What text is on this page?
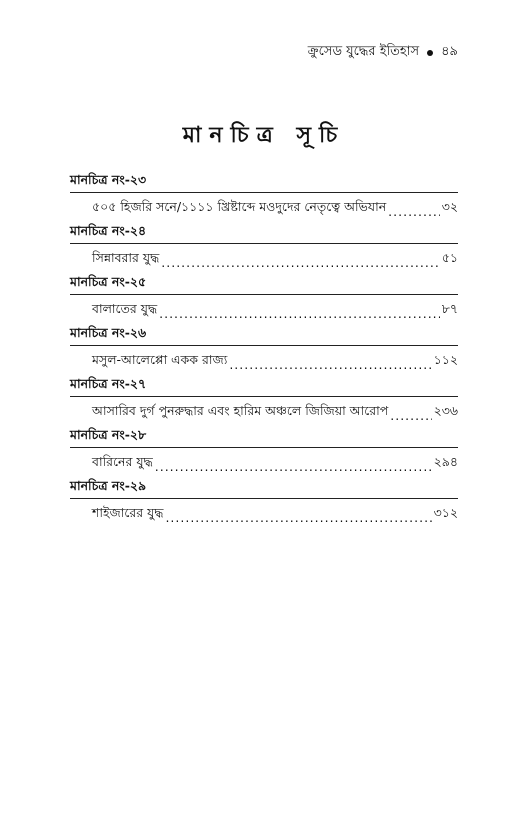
ক্রুসেড যুদ্ধের ইতিহাস ৪৯
মানচিত্র সূচি
মানচিত্র নং-২৩
৫০৫ হিজরি সনে/১১১১ খ্রিষ্টাব্দে মওদুদের নেতৃত্বে অভিযান .....	৩২
মানচিত্র নং-২৪
সিন্নাবরার যুদ্ধ .....	৫১
মানচিত্র নং-২৫
বালাতের যুদ্ধ .....	৮৭
মানচিত্র নং-২৬
মসুল-আলেপ্পো একক রাজ্য .....	১১২
মানচিত্র নং-২৭
আসারিব দুর্গ পুনরুদ্ধার এবং হারিম অঞ্চলে জিজিয়া আরোপ .....	২৩৬
মানচিত্র নং-২৮
বারিনের যুদ্ধ .....	২৯৪
মানচিত্র নং-২৯
শাইজারের যুদ্ধ .....	৩১২
